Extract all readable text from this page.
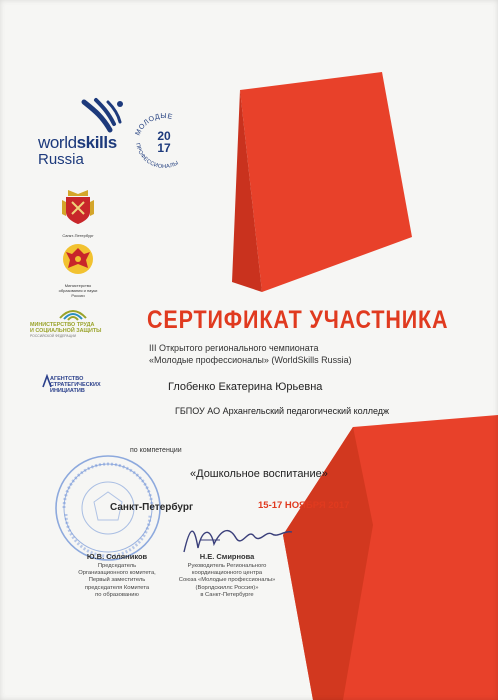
worldskills
Russia
МОЛОДЫЕ
ПРОФЕССИОНАЛЫ
20
17
Санкт-Петербург
Министерство образования и науки России
МИНИСТЕРСТВО ТРУДА
И СОЦИАЛЬНОЙ ЗАЩИТЫ
РОССИЙСКОЙ ФЕДЕРАЦИИ
АГЕНТСТВО
СТРАТЕГИЧЕСКИХ
ИНИЦИАТИВ
СЕРТИФИКАТ УЧАСТНИКА
III Открытого регионального чемпионата
«Молодые профессионалы» (WorldSkills Russia)
Глобенко Екатерина Юрьевна
ГБПОУ АО Архангельский педагогический колледж
по компетенции
«Дошкольное воспитание»
Санкт-Петербург	15-17 НОЯБРЯ 2017
Ю.В. Соляников
Председатель
Организационного комитета,
Первый заместитель
председателя Комитета
по образованию
Н.Е. Смирнова
Руководитель Регионального
координационного центра
Союза «Молодые профессионалы»
(Ворлдскиллс Россия)»
в Санкт-Петербурге
